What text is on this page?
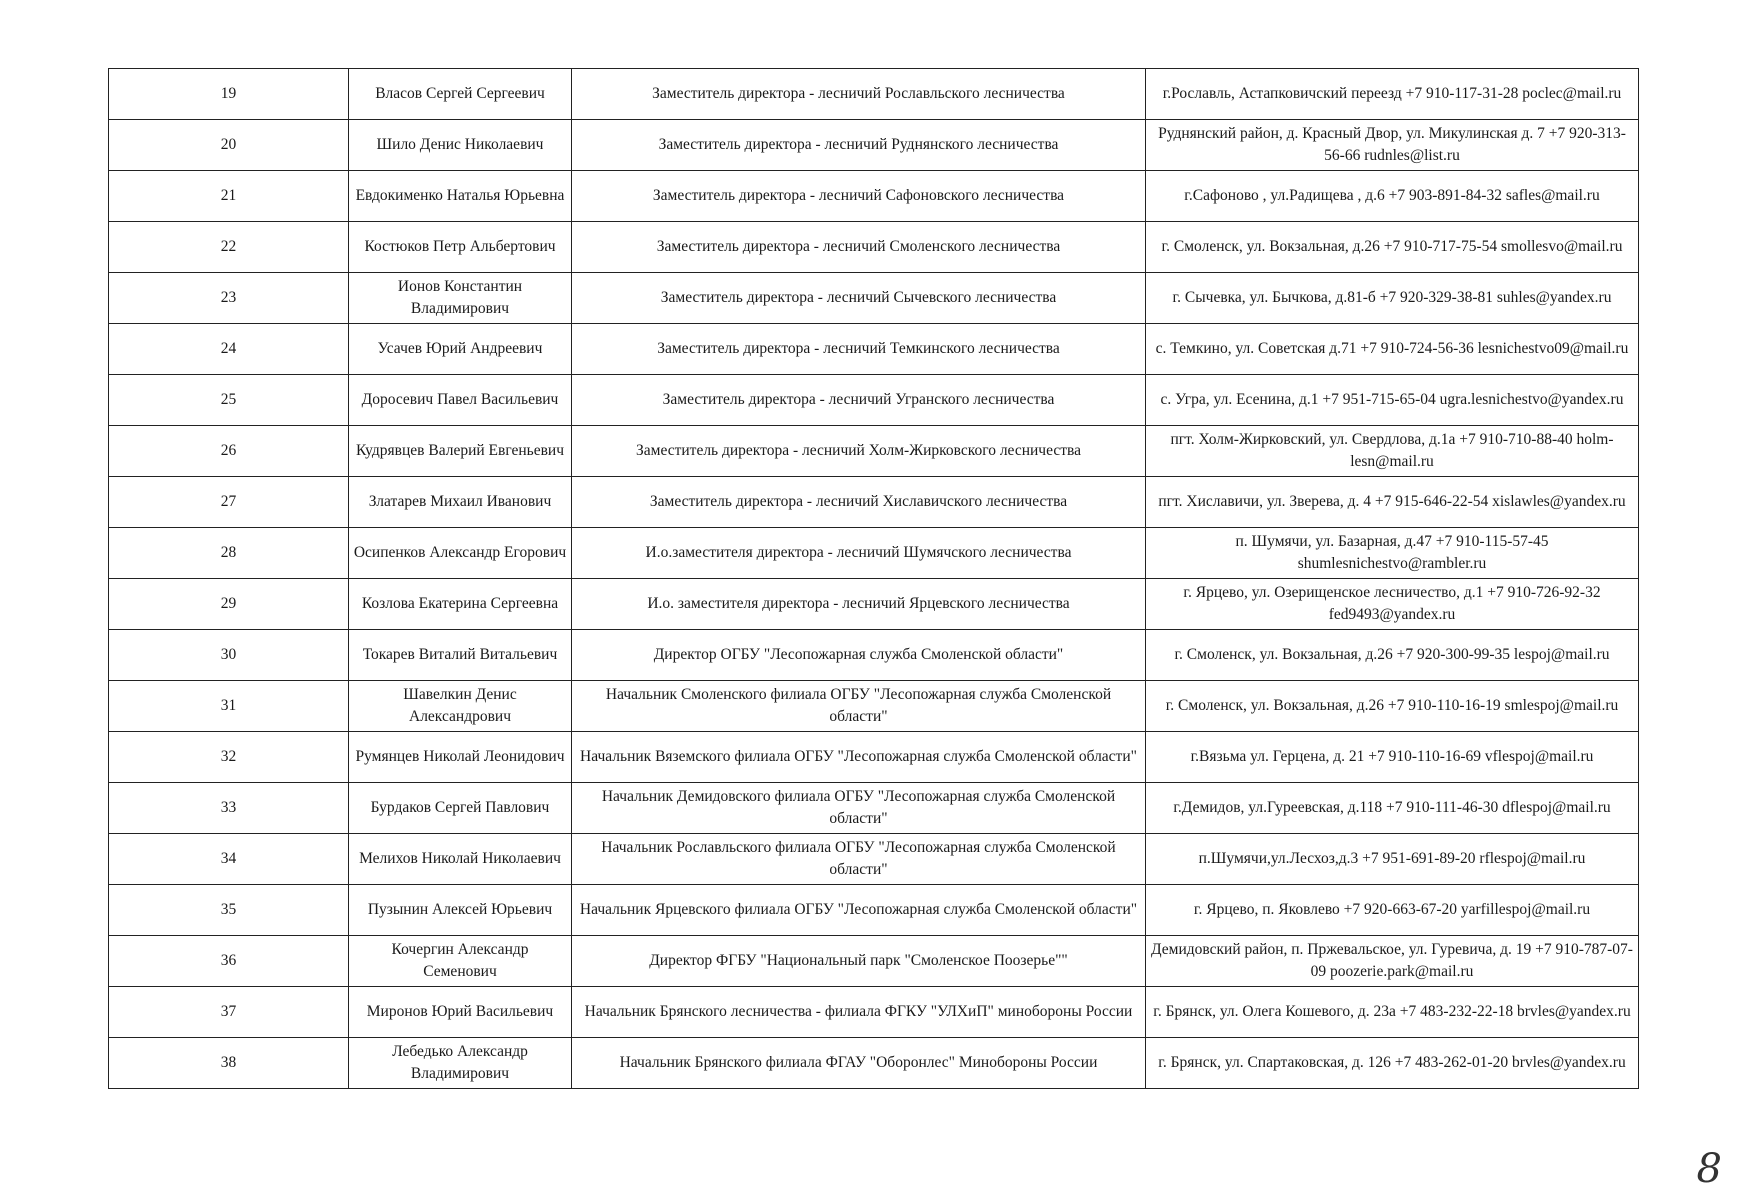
19	Власов Сергей Сергеевич	Заместитель директора - лесничий Рославльского лесничества	г.Рославль, Астапковичский переезд +7 910-117-31-28 poclec@mail.ru
20	Шило Денис Николаевич	Заместитель директора - лесничий Руднянского лесничества	Руднянский район, д. Красный Двор, ул. Микулинская д. 7 +7 920-313-56-66 rudnles@list.ru
21	Евдокименко Наталья Юрьевна	Заместитель директора - лесничий Сафоновского лесничества	г.Сафоново , ул.Радищева , д.6 +7 903-891-84-32 safles@mail.ru
22	Костюков Петр Альбертович	Заместитель директора - лесничий Смоленского лесничества	г. Смоленск, ул. Вокзальная, д.26 +7 910-717-75-54 smollesvo@mail.ru
23	Ионов Константин Владимирович	Заместитель директора - лесничий Сычевского лесничества	г. Сычевка, ул. Бычкова, д.81-б +7 920-329-38-81 suhles@yandex.ru
24	Усачев Юрий Андреевич	Заместитель директора - лесничий Темкинского лесничества	с. Темкино, ул. Советская д.71 +7 910-724-56-36 lesnichestvo09@mail.ru
25	Доросевич Павел Васильевич	Заместитель директора - лесничий Угранского лесничества	с. Угра, ул. Есенина, д.1 +7 951-715-65-04 ugra.lesnichestvo@yandex.ru
26	Кудрявцев Валерий Евгеньевич	Заместитель директора - лесничий Холм-Жирковского лесничества	пгт. Холм-Жирковский, ул. Свердлова, д.1а +7 910-710-88-40 holm-lesn@mail.ru
27	Златарев Михаил Иванович	Заместитель директора - лесничий Хиславичского лесничества	пгт. Хиславичи, ул. Зверева, д. 4 +7 915-646-22-54 xislawles@yandex.ru
28	Осипенков Александр Егорович	И.о.заместителя директора - лесничий Шумячского лесничества	п. Шумячи, ул. Базарная, д.47 +7 910-115-57-45 shumlesnichestvo@rambler.ru
29	Козлова Екатерина Сергеевна	И.о. заместителя директора - лесничий Ярцевского лесничества	г. Ярцево, ул. Озерищенское лесничество, д.1 +7 910-726-92-32 fed9493@yandex.ru
30	Токарев Виталий Витальевич	Директор ОГБУ "Лесопожарная служба Смоленской области"	г. Смоленск, ул. Вокзальная, д.26 +7 920-300-99-35 lespoj@mail.ru
31	Шавелкин Денис Александрович	Начальник Смоленского филиала ОГБУ "Лесопожарная служба Смоленской области"	г. Смоленск, ул. Вокзальная, д.26 +7 910-110-16-19 smlespoj@mail.ru
32	Румянцев Николай Леонидович	Начальник Вяземского филиала ОГБУ "Лесопожарная служба Смоленской области"	г.Вязьма ул. Герцена, д. 21 +7 910-110-16-69 vflespoj@mail.ru
33	Бурдаков Сергей Павлович	Начальник Демидовского филиала ОГБУ "Лесопожарная служба Смоленской области"	г.Демидов, ул.Гуреевская, д.118 +7 910-111-46-30 dflespoj@mail.ru
34	Мелихов Николай Николаевич	Начальник Рославльского филиала ОГБУ "Лесопожарная служба Смоленской области"	п.Шумячи,ул.Лесхоз,д.3 +7 951-691-89-20 rflespoj@mail.ru
35	Пузынин Алексей Юрьевич	Начальник Ярцевского филиала ОГБУ "Лесопожарная служба Смоленской области"	г. Ярцево, п. Яковлево +7 920-663-67-20 yarfillespoj@mail.ru
36	Кочергин Александр Семенович	Директор ФГБУ "Национальный парк "Смоленское Поозерье""	Демидовский район, п. Пржевальское, ул. Гуревича, д. 19 +7 910-787-07-09 poozerie.park@mail.ru
37	Миронов Юрий Васильевич	Начальник Брянского лесничества - филиала ФГКУ "УЛХиП" минобороны России	г. Брянск, ул. Олега Кошевого, д. 23а +7 483-232-22-18 brvles@yandex.ru
38	Лебедько Александр Владимирович	Начальник Брянского филиала ФГАУ "Оборонлес" Минобороны России	г. Брянск, ул. Спартаковская, д. 126 +7 483-262-01-20 brvles@yandex.ru
8
